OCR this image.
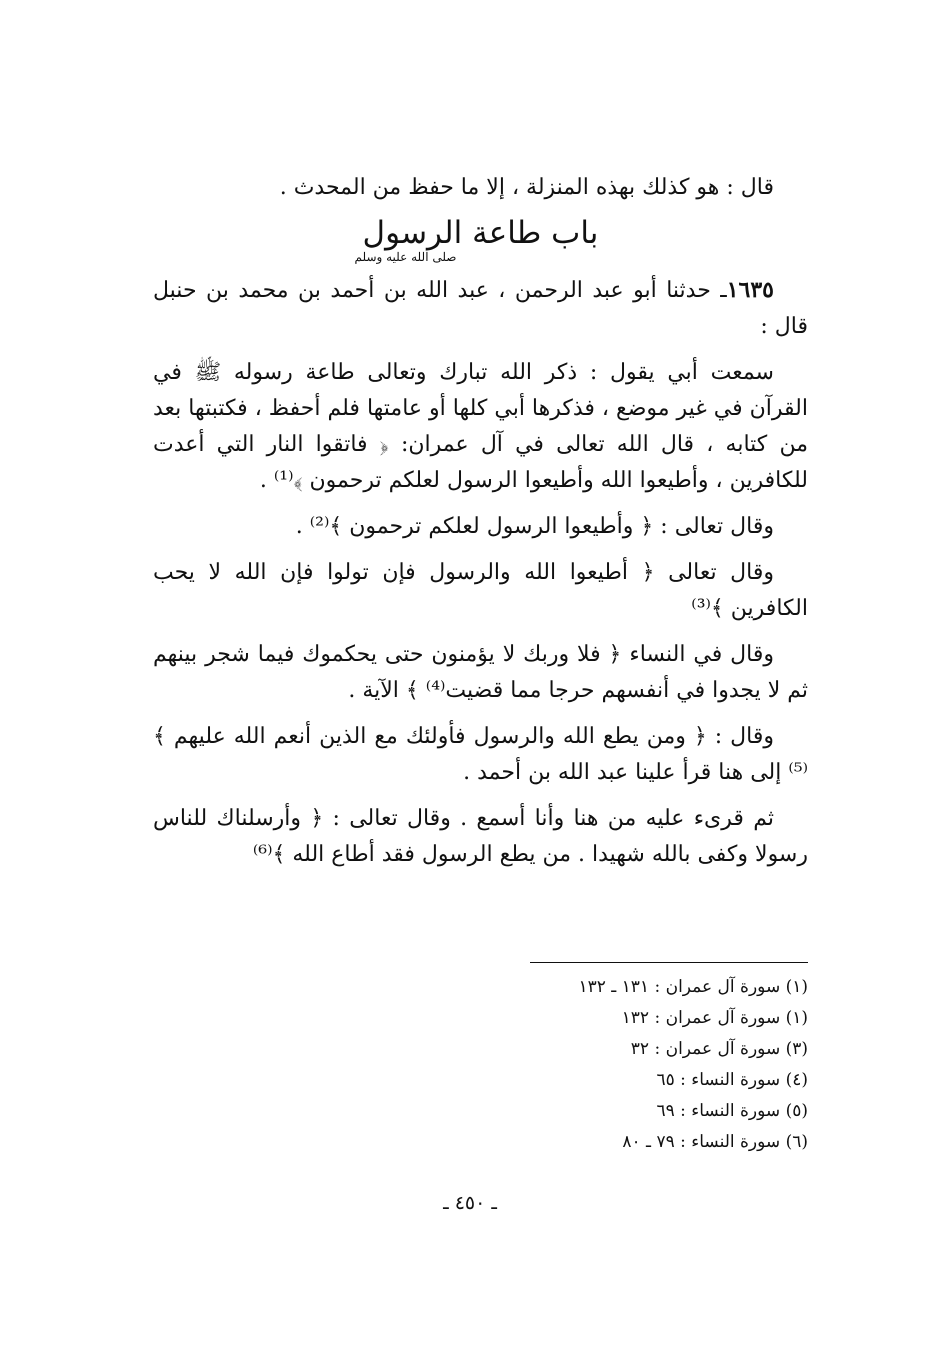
قال : هو كذلك بهذه المنزلة ، إلا ما حفظ من المحدث .

باب طاعة الرسول
صلى الله عليه وسلم

١٦٣٥ـ حدثنا أبو عبد الرحمن ، عبد الله بن أحمد بن محمد بن حنبل قال :

سمعت أبي يقول : ذكر الله تبارك وتعالى طاعة رسوله ﷺ في القرآن في غير موضع ، فذكرها أبي كلها أو عامتها فلم أحفظ ، فكتبتها بعد من كتابه ، قال الله تعالى في آل عمران: ﴿ فاتقوا النار التي أعدت للكافرين ، وأطيعوا الله وأطيعوا الرسول لعلكم ترحمون ﴾⁽¹⁾ .

وقال تعالى : ﴿ وأطيعوا الرسول لعلكم ترحمون ﴾⁽²⁾ .

وقال تعالى ﴿ أطيعوا الله والرسول فإن تولوا فإن الله لا يحب الكافرين ﴾⁽³⁾

وقال في النساء ﴿ فلا وربك لا يؤمنون حتى يحكموك فيما شجر بينهم ثم لا يجدوا في أنفسهم حرجا مما قضيت⁽⁴⁾ ﴾ الآية .

وقال : ﴿ ومن يطع الله والرسول فأولئك مع الذين أنعم الله عليهم ﴾⁽⁵⁾ إلى هنا قرأ علينا عبد الله بن أحمد .

ثم قرىء عليه من هنا وأنا أسمع . وقال تعالى : ﴿ وأرسلناك للناس رسولا وكفى بالله شهيدا . من يطع الرسول فقد أطاع الله ﴾⁽⁶⁾

(١) سورة آل عمران : ١٣١ ـ ١٣٢
(١) سورة آل عمران : ١٣٢
(٣) سورة آل عمران : ٣٢
(٤) سورة النساء : ٦٥
(٥) سورة النساء : ٦٩
(٦) سورة النساء : ٧٩ ـ ٨٠
ـ ٤٥٠ ـ
